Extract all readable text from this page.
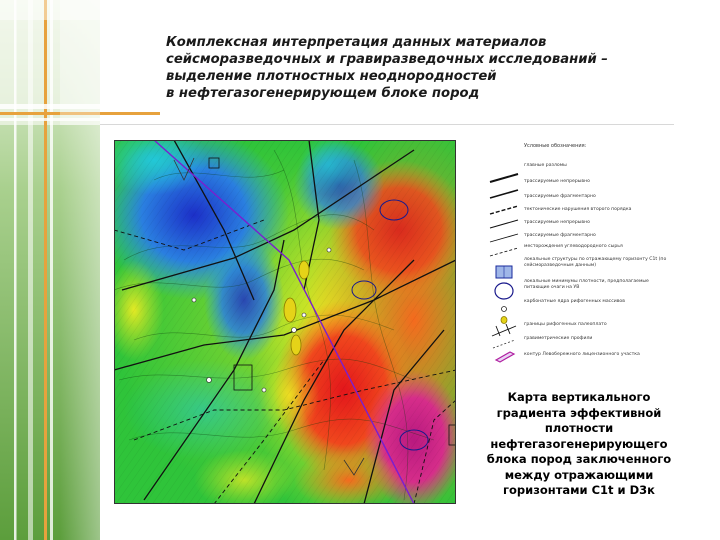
Комплексная интерпретация данных материалов
сейсморазведочных и гравиразведочных исследований –
выделение плотностных неоднородностей
в нефтегазогенерирующем блоке пород
Условные обозначения:
главные разломы
трассируемые непрерывно
трассируемые фрагментарно
тектонические нарушения второго порядка
трассируемые непрерывно
трассируемые фрагментарно
месторождения углеводородного сырья
локальные структуры по отражающему горизонту С1t (по сейсморазведочным данным)
локальные минимумы плотности, предполагаемые питающие очаги на УВ
карбонатные ядра рифогенных массивов
границы рифогенных палеоплато
гравиметрические профили
контур Левобережного лицензионного участка
Карта вертикального
градиента эффективной
плотности
нефтегазогенерирующего
блока пород заключенного
между отражающими
горизонтами С1t и D3к
